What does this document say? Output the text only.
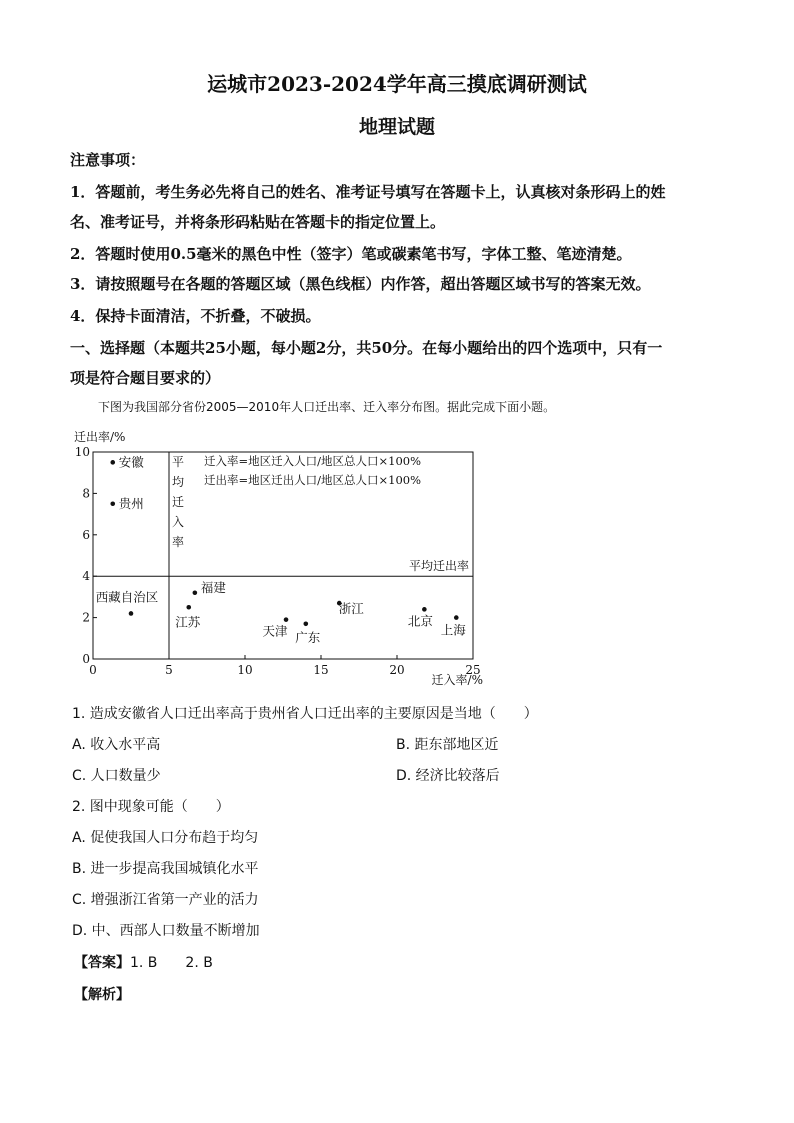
运城市2023-2024学年高三摸底调研测试
地理试题
注意事项：
1．答题前，考生务必先将自己的姓名、准考证号填写在答题卡上，认真核对条形码上的姓
名、准考证号，并将条形码粘贴在答题卡的指定位置上。
2．答题时使用0.5毫米的黑色中性（签字）笔或碳素笔书写，字体工整、笔迹清楚。
3．请按照题号在各题的答题区域（黑色线框）内作答，超出答题区域书写的答案无效。
4．保持卡面清洁，不折叠，不破损。
一、选择题（本题共25小题，每小题2分，共50分。在每小题给出的四个选项中，只有一
项是符合题目要求的）
下图为我国部分省份2005—2010年人口迁出率、迁入率分布图。据此完成下面小题。
迁出率/%
迁入率/%
0
2
4
6
8
10
0	5	10	15	20	25
平
均
迁
入
率
平均迁出率
迁入率=地区迁入人口/地区总人口×100%
迁出率=地区迁出人口/地区总人口×100%
安徽
贵州
西藏自治区
福建
江苏
天津 广东
浙江
北京
上海
1. 造成安徽省人口迁出率高于贵州省人口迁出率的主要原因是当地（　　）
A. 收入水平高	B. 距东部地区近
C. 人口数量少	D. 经济比较落后
2. 图中现象可能（　　）
A. 促使我国人口分布趋于均匀
B. 进一步提高我国城镇化水平
C. 增强浙江省第一产业的活力
D. 中、西部人口数量不断增加
【答案】1. B　　2. B
【解析】
